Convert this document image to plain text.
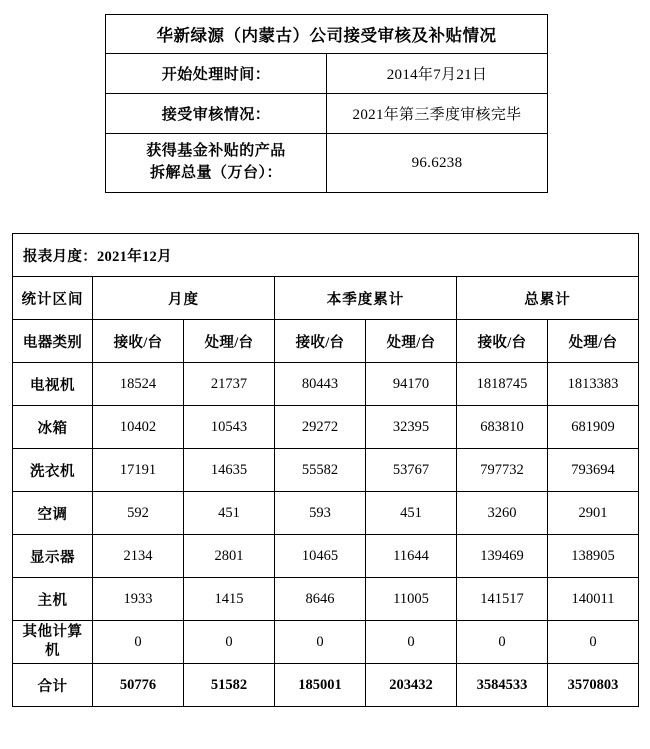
华新绿源（内蒙古）公司接受审核及补贴情况	
开始处理时间：	2014年7月21日
接受审核情况：	2021年第三季度审核完毕

获得基金补贴的产品
拆解总量（万台）：	96.6238
报表月度：2021年12月						
统计区间	月度		本季度累计		总累计	
电器类别	接收/台	处理/台	接收/台	处理/台	接收/台	处理/台
电视机	18524	21737	80443	94170	1818745	1813383
冰箱	10402	10543	29272	32395	683810	681909
洗衣机	17191	14635	55582	53767	797732	793694
空调	592	451	593	451	3260	2901
显示器	2134	2801	10465	11644	139469	138905
主机	1933	1415	8646	11005	141517	140011

其他计算
机	0	0	0	0	0	0
合计	50776	51582	185001	203432	3584533	3570803
